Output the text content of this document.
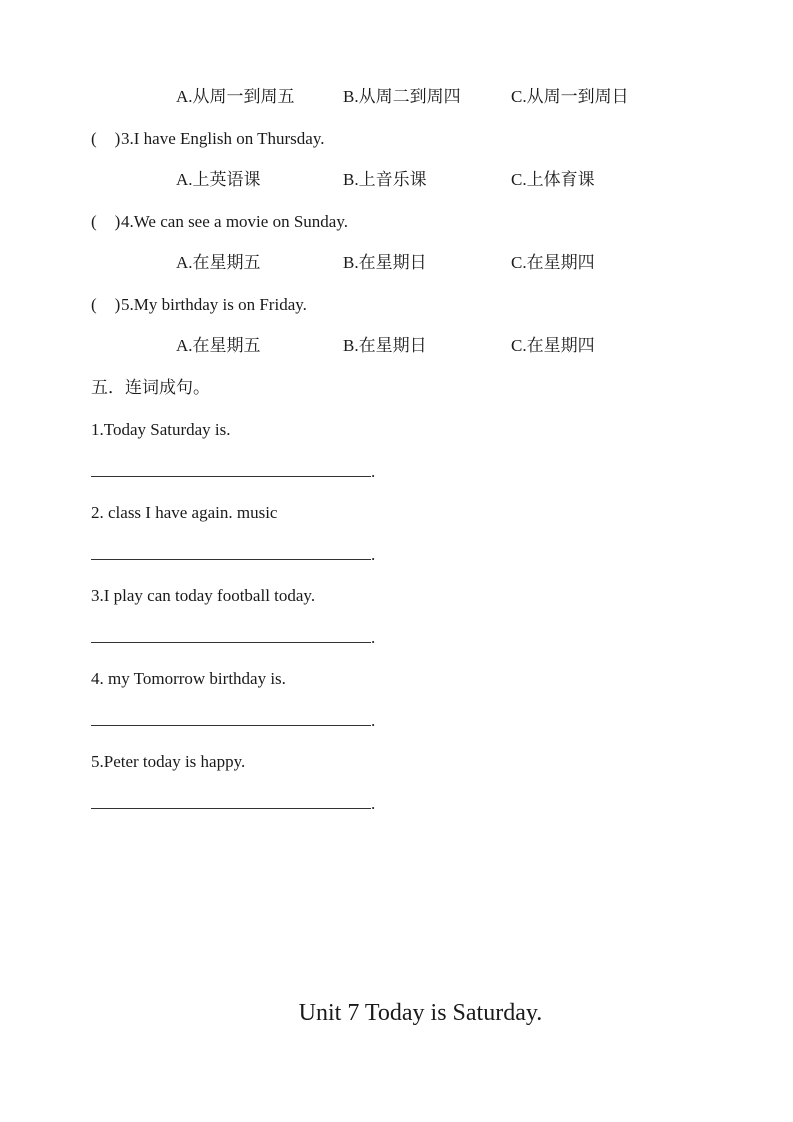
A.从周一到周五	B.从周二到周四	C.从周一到周日
( )3.I have English on Thursday.
A.上英语课	B.上音乐课	C.上体育课
( )4.We can see a movie on Sunday.
A.在星期五	B.在星期日	C.在星期四
( )5.My birthday is on Friday.
A.在星期五	B.在星期日	C.在星期四
五．连词成句。
1.Today Saturday is.
.
2. class I have again. music
.
3.I play can today football today.
.
4. my Tomorrow birthday is.
.
5.Peter today is happy.
.
Unit 7 Today is Saturday.
